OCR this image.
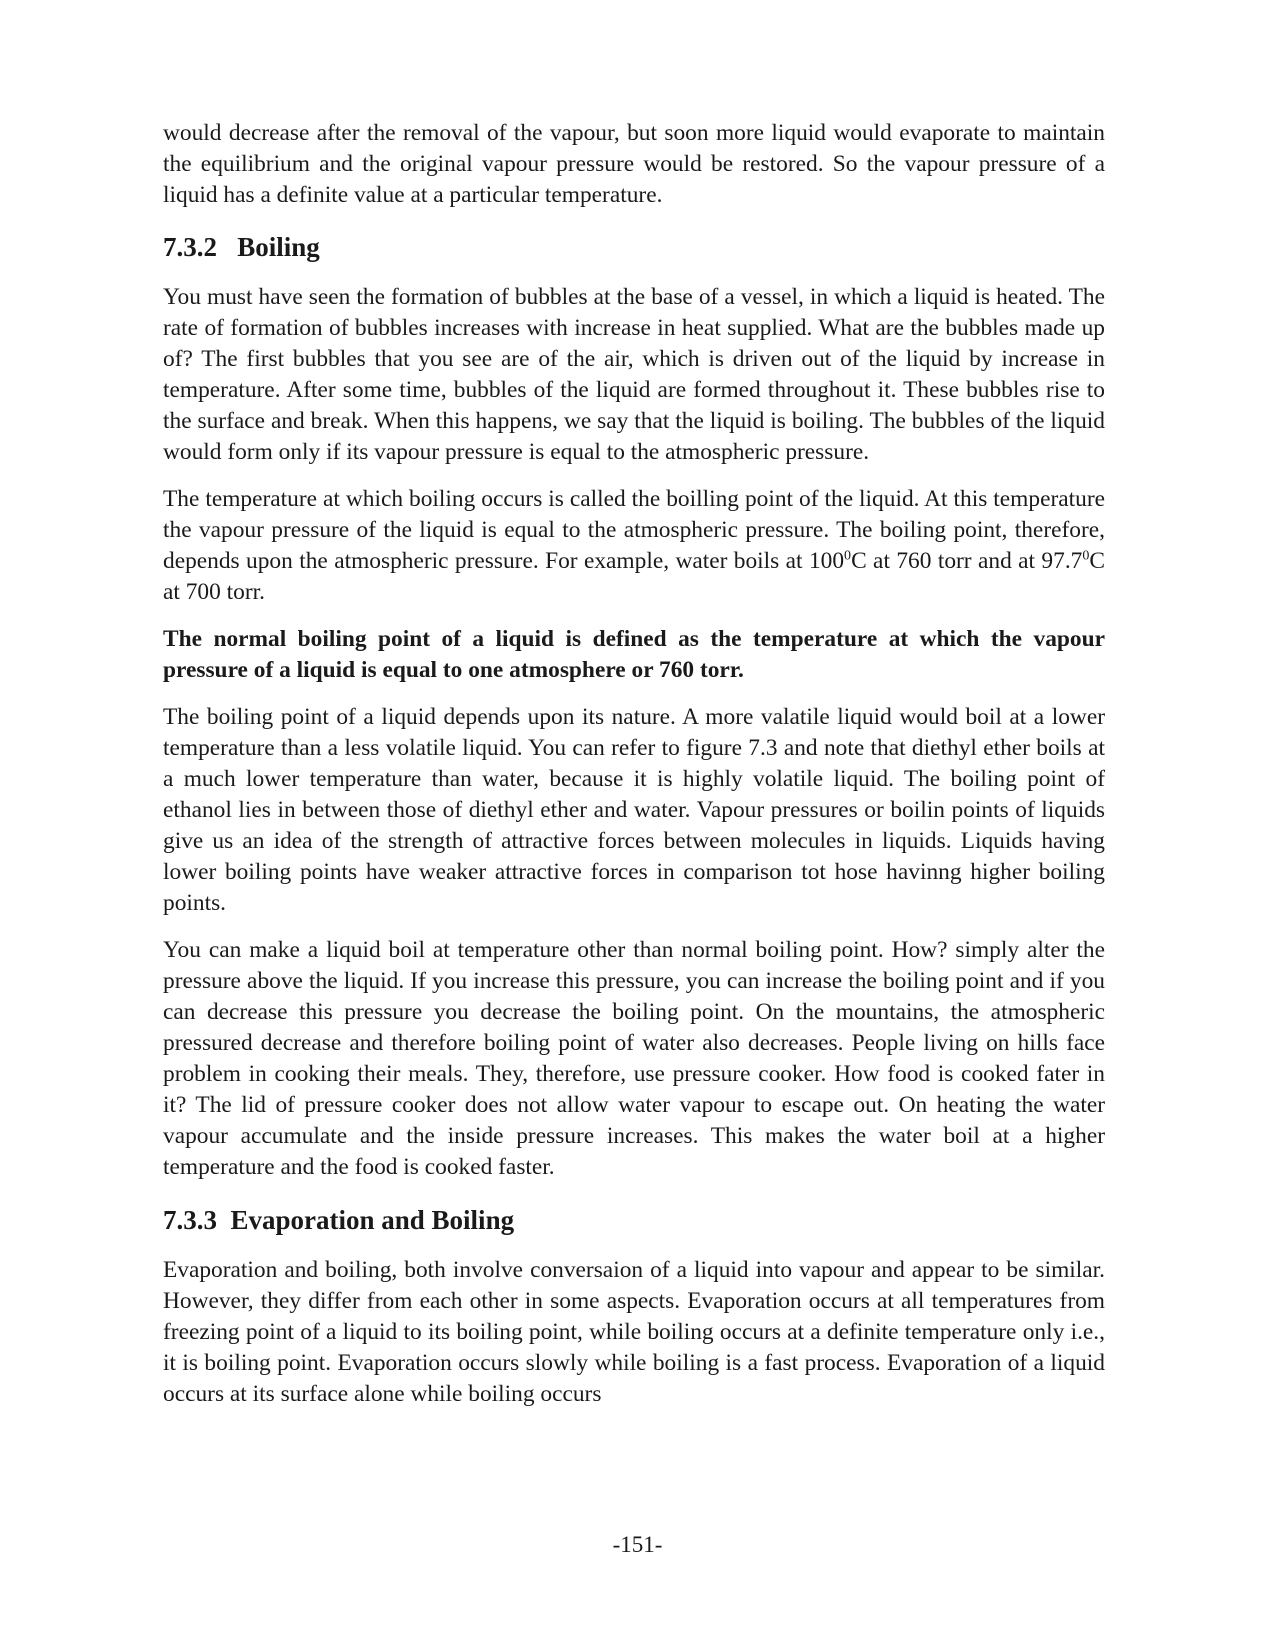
would decrease after the removal of the vapour, but soon more liquid would evaporate to maintain the equilibrium and the original vapour pressure would be restored. So the vapour pressure of a liquid has a definite value at a particular temperature.

7.3.2 Boiling

You must have seen the formation of bubbles at the base of a vessel, in which a liquid is heated. The rate of formation of bubbles increases with increase in heat supplied. What are the bubbles made up of? The first bubbles that you see are of the air, which is driven out of the liquid by increase in temperature. After some time, bubbles of the liquid are formed throughout it. These bubbles rise to the surface and break. When this happens, we say that the liquid is boiling. The bubbles of the liquid would form only if its vapour pressure is equal to the atmospheric pressure.

The temperature at which boiling occurs is called the boilling point of the liquid. At this temperature the vapour pressure of the liquid is equal to the atmospheric pressure. The boiling point, therefore, depends upon the atmospheric pressure. For example, water boils at $100^0C$ at 760 torr and at 97.7$^0$C at 700 torr.

The normal boiling point of a liquid is defined as the temperature at which the vapour pressure of a liquid is equal to one atmosphere or 760 torr.

The boiling point of a liquid depends upon its nature. A more valatile liquid would boil at a lower temperature than a less volatile liquid. You can refer to figure 7.3 and note that diethyl ether boils at a much lower temperature than water, because it is highly volatile liquid. The boiling point of ethanol lies in between those of diethyl ether and water. Vapour pressures or boilin points of liquids give us an idea of the strength of attractive forces between molecules in liquids. Liquids having lower boiling points have weaker attractive forces in comparison tot hose havinng higher boiling points.

You can make a liquid boil at temperature other than normal boiling point. How? simply alter the pressure above the liquid. If you increase this pressure, you can increase the boiling point and if you can decrease this pressure you decrease the boiling point. On the mountains, the atmospheric pressured decrease and therefore boiling point of water also decreases. People living on hills face problem in cooking their meals. They, therefore, use pressure cooker. How food is cooked fater in it? The lid of pressure cooker does not allow water vapour to escape out. On heating the water vapour accumulate and the inside pressure increases. This makes the water boil at a higher temperature and the food is cooked faster.

7.3.3 Evaporation and Boiling

Evaporation and boiling, both involve conversaion of a liquid into vapour and appear to be similar. However, they differ from each other in some aspects. Evaporation occurs at all temperatures from freezing point of a liquid to its boiling point, while boiling occurs at a definite temperature only i.e., it is boiling point. Evaporation occurs slowly while boiling is a fast process. Evaporation of a liquid occurs at its surface alone while boiling occurs

-151-
